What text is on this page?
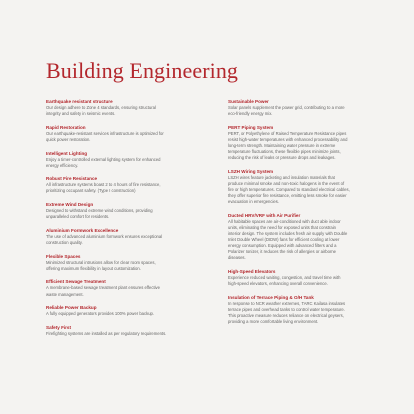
Building Engineering
Earthquake resistant structure

Our design adhere to Zone 4 standards, ensuring structural
integrity and safety in seismic events.

Rapid Restoration

Our earthquake-resistant services infrastructure is optimized for
quick power restoration.

Intelligent Lighting

Enjoy a timer-controlled external lighting system for enhanced
energy efficiency.

Robust Fire Resistance

All infrastructure systems boast 2 to 4 hours of fire resistance,
prioritizing occupant safety. (Type I construction)

Extreme Wind Design

Designed to withstand extreme wind conditions, providing
unparalleled comfort for residents.

Aluminium Formwork Excellence

The use of advanced aluminium formwork ensures exceptional
construction quality.

Flexible Spaces

Minimized structural intrusions allow for clear room spaces,
offering maximum flexibility in layout customization.

Efficient Sewage Treatment

A membrane-based sewage treatment plant ensures effective
waste management.

Reliable Power Backup

A fully equipped generators provides 100% power backup.

Safety First

Firefighting systems are installed as per regulatory requirements.

Sustainable Power

Solar panels supplement the power grid, contributing to a more
eco-friendly energy mix.

PERT Piping System

PERT, or Polyethylene of Raised Temperature Resistance pipes
resist high-water temperatures with enhanced processability and
long-term strength. Maintaining water pressure in extreme
temperature fluctuations, these flexible pipes minimize joints,
reducing the risk of leaks or pressure drops and leakages.

LSZH Wiring System

LSZH wires feature jacketing and insulation materials that
produce minimal smoke and non-toxic halogens in the event of
fire or high temperatures. Compared to standard electrical cables,
they offer superior fire resistance, emitting less smoke for easier
evacuation in emergencies.

Ducted HRV/VRF with Air Purifier

All habitable spaces are air-conditioned with duct able indoor
units, eliminating the need for exposed units that constrain
interior design. The system includes fresh air supply with Double
Inlet Double Wheel (DIDW) fans for efficient cooling at lower
energy consumption. Equipped with advanced filters and a
Polarizer Ionizer, it reduces the risk of allergies or airborne
diseases.

High-Speed Elevators

Experience reduced waiting, congestion, and travel time with
high-speed elevators, enhancing overall convenience.

Insulation of Terrace Piping & O/H Tank

In response to NCR weather extremes, TARC Kailasa insulates
terrace pipes and overhead tanks to control water temperature.
This proactive measure reduces reliance on electrical geysers,
providing a more comfortable living environment.
